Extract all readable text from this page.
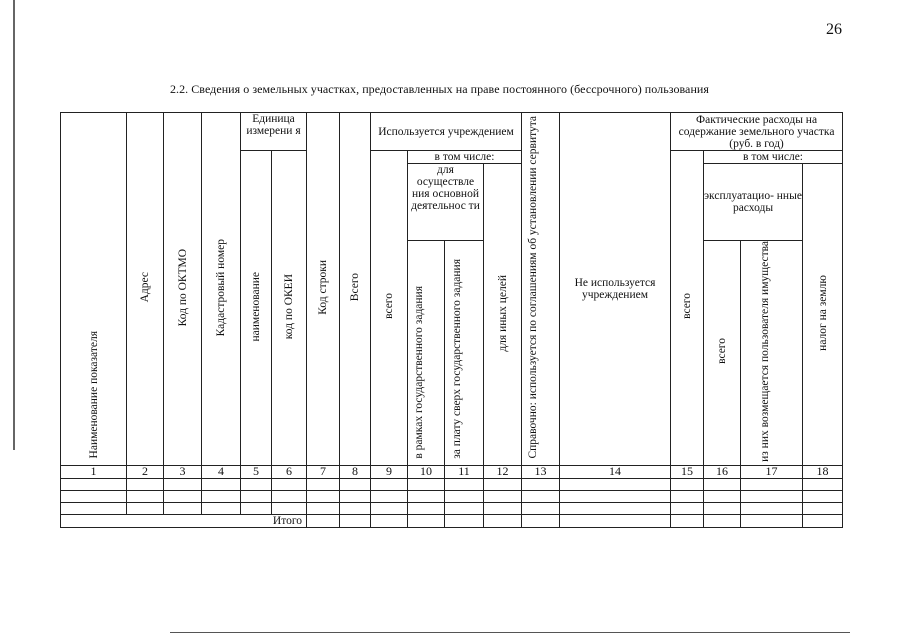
26
2.2. Сведения о земельных участках, предоставленных на праве постоянного (бессрочного) пользования
Наименование показателя	Адрес	Код по ОКТМО	Кадастровый номер	Единица измерени я		Код строки	Всего	Используется учреждением				Справочно: используется по соглашениям об установлении сервитута	Не используется учреждением	Фактические расходы на содержание земельного участка (руб. в год)			
				наименование	код по ОКЕИ			всего	в том числе:					всего	в том числе:		
									для осуществле ния основной деятельнос ти		для иных целей				эксплуатацио- нные расходы		налог на землю
									в рамках государственного задания	за плату сверх государственного задания					всего	из них возмещается пользователя имущества	

1	2	3	4	5	6	7	8	9	10	11	12	13	14	15	16	17	18

Итого																	
